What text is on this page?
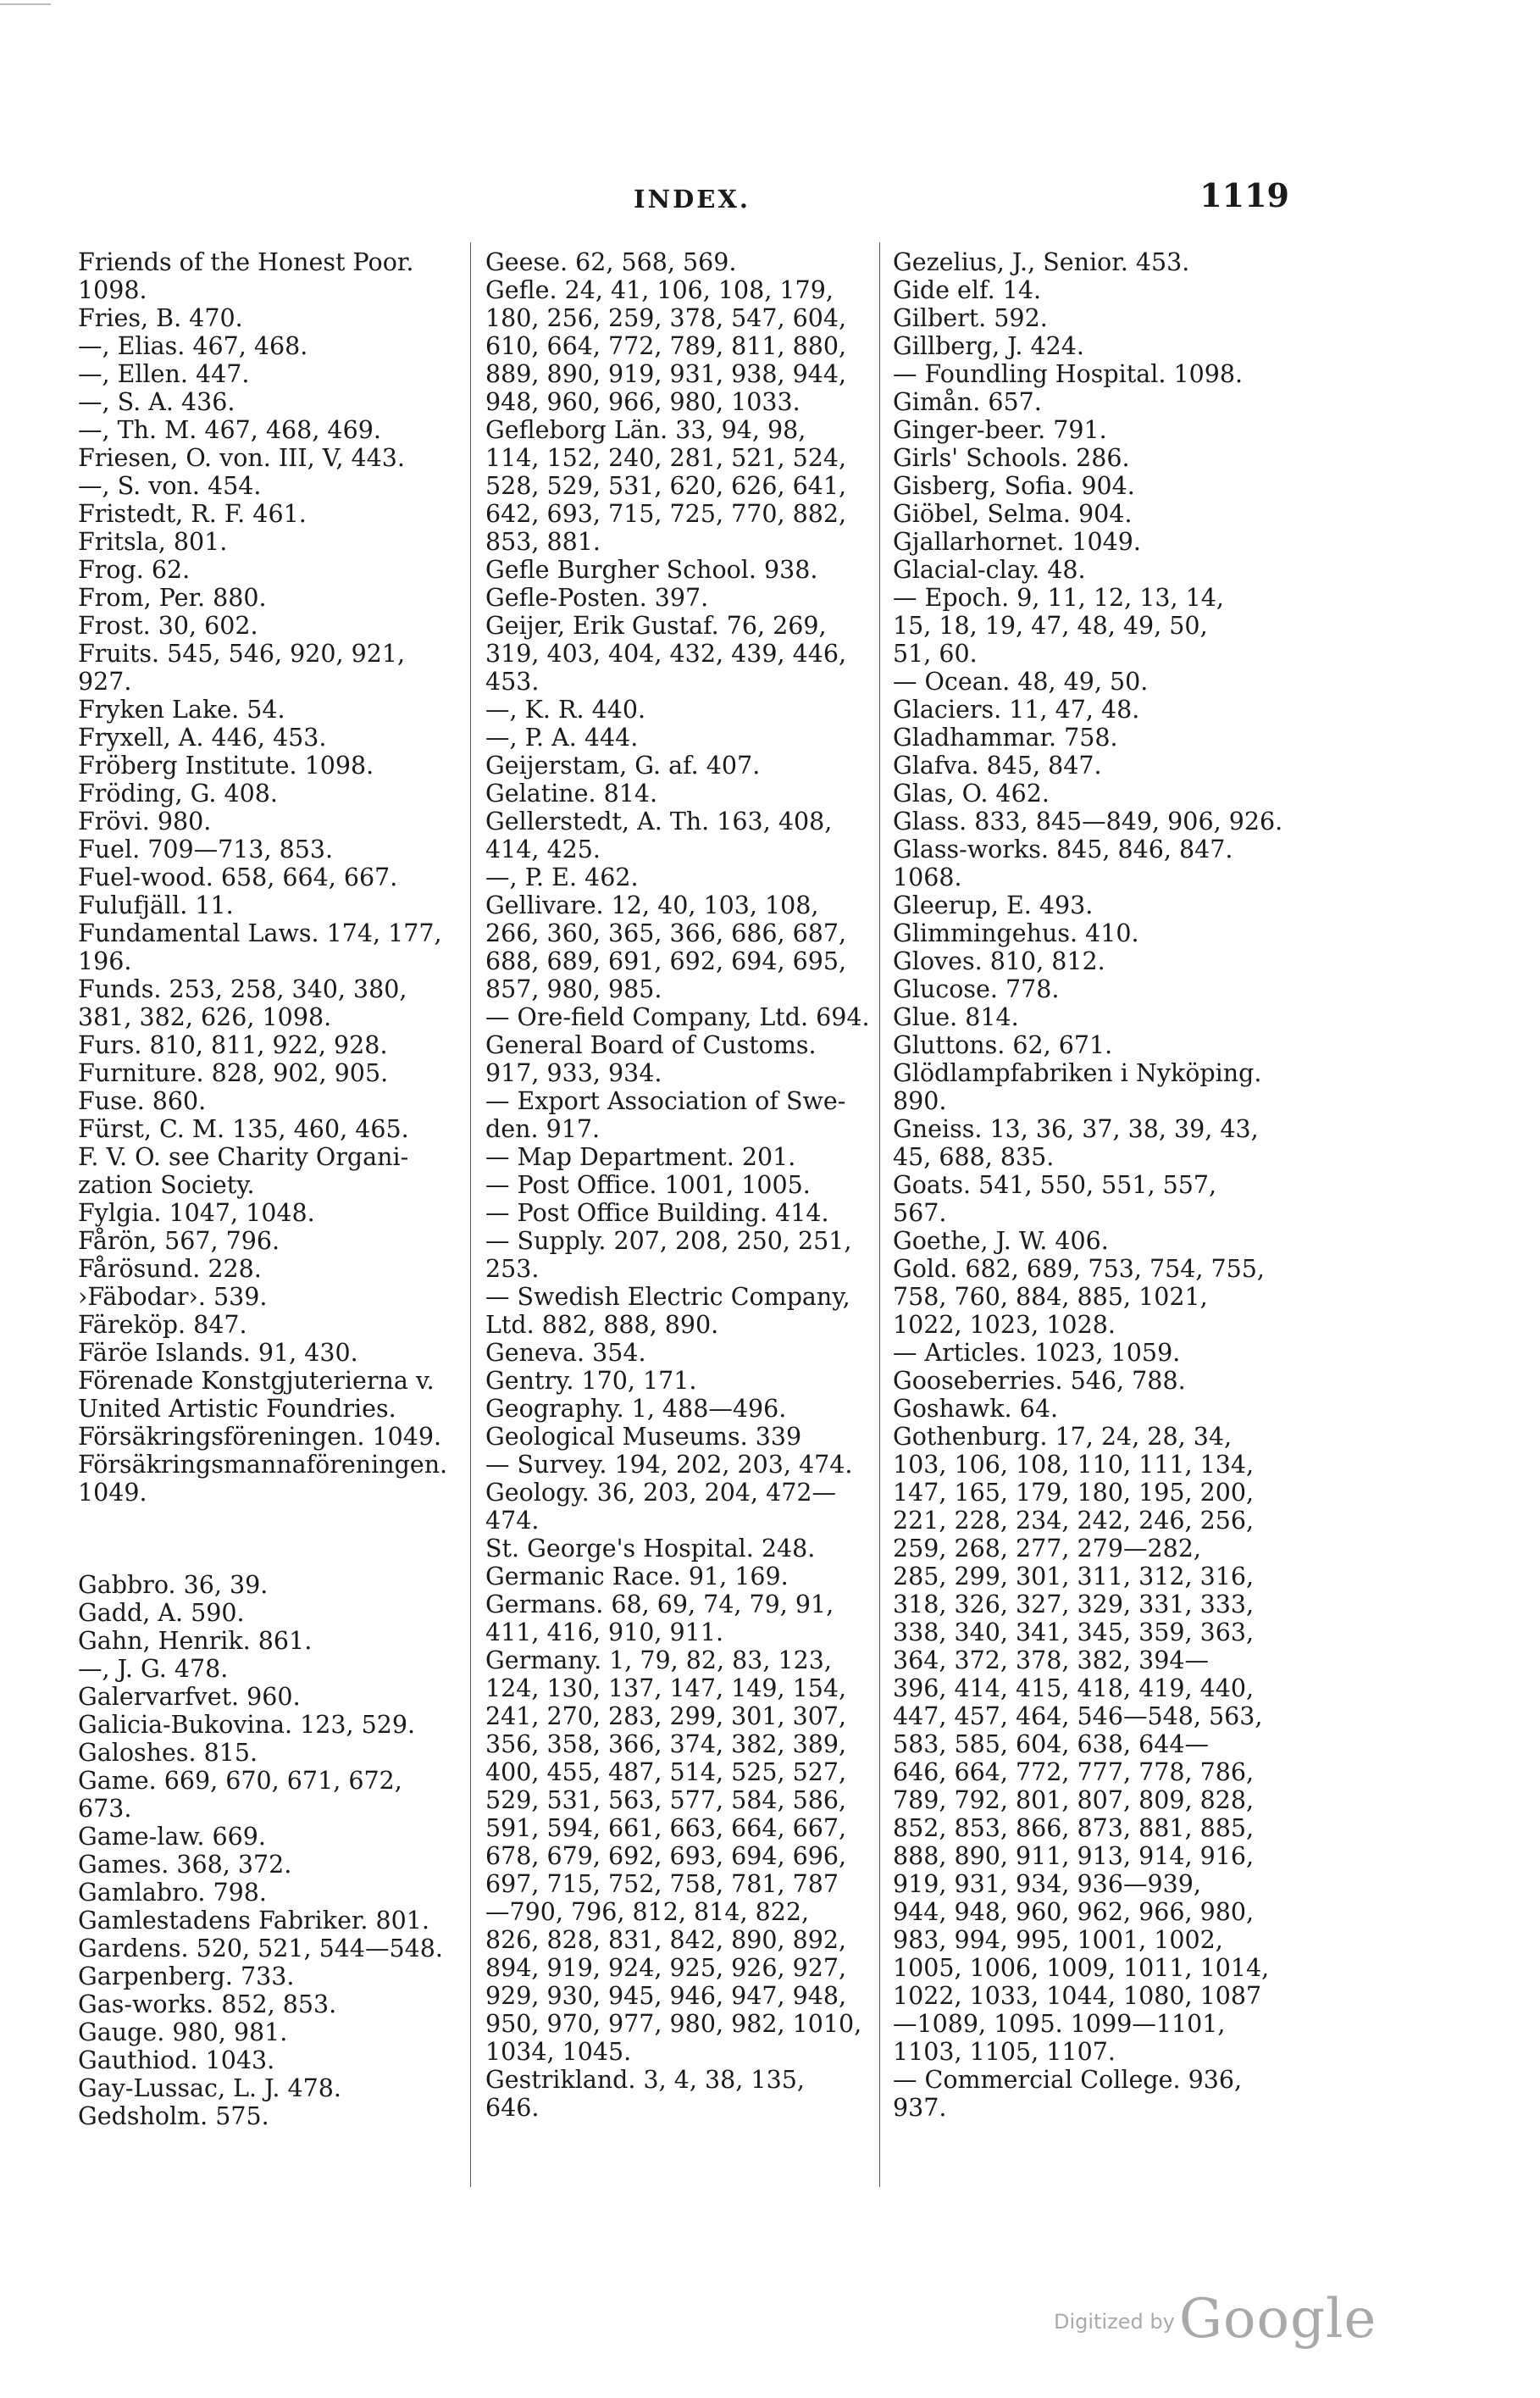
INDEX.	1119
Friends of the Honest Poor.
1098.
Fries, B. 470.
—, Elias. 467, 468.
—, Ellen. 447.
—, S. A. 436.
—, Th. M. 467, 468, 469.
Friesen, O. von. III, V, 443.
—, S. von. 454.
Fristedt, R. F. 461.
Fritsla, 801.
Frog. 62.
From, Per. 880.
Frost. 30, 602.
Fruits. 545, 546, 920, 921,
927.
Fryken Lake. 54.
Fryxell, A. 446, 453.
Fröberg Institute. 1098.
Fröding, G. 408.
Frövi. 980.
Fuel. 709—713, 853.
Fuel-wood. 658, 664, 667.
Fulufjäll. 11.
Fundamental Laws. 174, 177,
196.
Funds. 253, 258, 340, 380,
381, 382, 626, 1098.
Furs. 810, 811, 922, 928.
Furniture. 828, 902, 905.
Fuse. 860.
Fürst, C. M. 135, 460, 465.
F. V. O. see Charity Organi-
zation Society.
Fylgia. 1047, 1048.
Fårön, 567, 796.
Fårösund. 228.
›Fäbodar›. 539.
Färeköp. 847.
Färöe Islands. 91, 430.
Förenade Konstgjuterierna v.
United Artistic Foundries.
Försäkringsföreningen. 1049.
Försäkringsmannaföreningen.
1049.
Gabbro. 36, 39.
Gadd, A. 590.
Gahn, Henrik. 861.
—, J. G. 478.
Galervarfvet. 960.
Galicia-Bukovina. 123, 529.
Galoshes. 815.
Game. 669, 670, 671, 672,
673.
Game-law. 669.
Games. 368, 372.
Gamlabro. 798.
Gamlestadens Fabriker. 801.
Gardens. 520, 521, 544—548.
Garpenberg. 733.
Gas-works. 852, 853.
Gauge. 980, 981.
Gauthiod. 1043.
Gay-Lussac, L. J. 478.
Gedsholm. 575.
Geese. 62, 568, 569.
Gefle. 24, 41, 106, 108, 179,
180, 256, 259, 378, 547, 604,
610, 664, 772, 789, 811, 880,
889, 890, 919, 931, 938, 944,
948, 960, 966, 980, 1033.
Gefleborg Län. 33, 94, 98,
114, 152, 240, 281, 521, 524,
528, 529, 531, 620, 626, 641,
642, 693, 715, 725, 770, 882,
853, 881.
Gefle Burgher School. 938.
Gefle-Posten. 397.
Geijer, Erik Gustaf. 76, 269,
319, 403, 404, 432, 439, 446,
453.
—, K. R. 440.
—, P. A. 444.
Geijerstam, G. af. 407.
Gelatine. 814.
Gellerstedt, A. Th. 163, 408,
414, 425.
—, P. E. 462.
Gellivare. 12, 40, 103, 108,
266, 360, 365, 366, 686, 687,
688, 689, 691, 692, 694, 695,
857, 980, 985.
— Ore-field Company, Ltd. 694.
General Board of Customs.
917, 933, 934.
— Export Association of Swe-
den. 917.
— Map Department. 201.
— Post Office. 1001, 1005.
— Post Office Building. 414.
— Supply. 207, 208, 250, 251,
253.
— Swedish Electric Company,
Ltd. 882, 888, 890.
Geneva. 354.
Gentry. 170, 171.
Geography. 1, 488—496.
Geological Museums. 339
— Survey. 194, 202, 203, 474.
Geology. 36, 203, 204, 472—
474.
St. George's Hospital. 248.
Germanic Race. 91, 169.
Germans. 68, 69, 74, 79, 91,
411, 416, 910, 911.
Germany. 1, 79, 82, 83, 123,
124, 130, 137, 147, 149, 154,
241, 270, 283, 299, 301, 307,
356, 358, 366, 374, 382, 389,
400, 455, 487, 514, 525, 527,
529, 531, 563, 577, 584, 586,
591, 594, 661, 663, 664, 667,
678, 679, 692, 693, 694, 696,
697, 715, 752, 758, 781, 787
—790, 796, 812, 814, 822,
826, 828, 831, 842, 890, 892,
894, 919, 924, 925, 926, 927,
929, 930, 945, 946, 947, 948,
950, 970, 977, 980, 982, 1010,
1034, 1045.
Gestrikland. 3, 4, 38, 135,
646.
Gezelius, J., Senior. 453.
Gide elf. 14.
Gilbert. 592.
Gillberg, J. 424.
— Foundling Hospital. 1098.
Gimån. 657.
Ginger-beer. 791.
Girls' Schools. 286.
Gisberg, Sofia. 904.
Giöbel, Selma. 904.
Gjallarhornet. 1049.
Glacial-clay. 48.
— Epoch. 9, 11, 12, 13, 14,
15, 18, 19, 47, 48, 49, 50,
51, 60.
— Ocean. 48, 49, 50.
Glaciers. 11, 47, 48.
Gladhammar. 758.
Glafva. 845, 847.
Glas, O. 462.
Glass. 833, 845—849, 906, 926.
Glass-works. 845, 846, 847.
1068.
Gleerup, E. 493.
Glimmingehus. 410.
Gloves. 810, 812.
Glucose. 778.
Glue. 814.
Gluttons. 62, 671.
Glödlampfabriken i Nyköping.
890.
Gneiss. 13, 36, 37, 38, 39, 43,
45, 688, 835.
Goats. 541, 550, 551, 557,
567.
Goethe, J. W. 406.
Gold. 682, 689, 753, 754, 755,
758, 760, 884, 885, 1021,
1022, 1023, 1028.
— Articles. 1023, 1059.
Gooseberries. 546, 788.
Goshawk. 64.
Gothenburg. 17, 24, 28, 34,
103, 106, 108, 110, 111, 134,
147, 165, 179, 180, 195, 200,
221, 228, 234, 242, 246, 256,
259, 268, 277, 279—282,
285, 299, 301, 311, 312, 316,
318, 326, 327, 329, 331, 333,
338, 340, 341, 345, 359, 363,
364, 372, 378, 382, 394—
396, 414, 415, 418, 419, 440,
447, 457, 464, 546—548, 563,
583, 585, 604, 638, 644—
646, 664, 772, 777, 778, 786,
789, 792, 801, 807, 809, 828,
852, 853, 866, 873, 881, 885,
888, 890, 911, 913, 914, 916,
919, 931, 934, 936—939,
944, 948, 960, 962, 966, 980,
983, 994, 995, 1001, 1002,
1005, 1006, 1009, 1011, 1014,
1022, 1033, 1044, 1080, 1087
—1089, 1095. 1099—1101,
1103, 1105, 1107.
— Commercial College. 936,
937.
Digitized by Google
